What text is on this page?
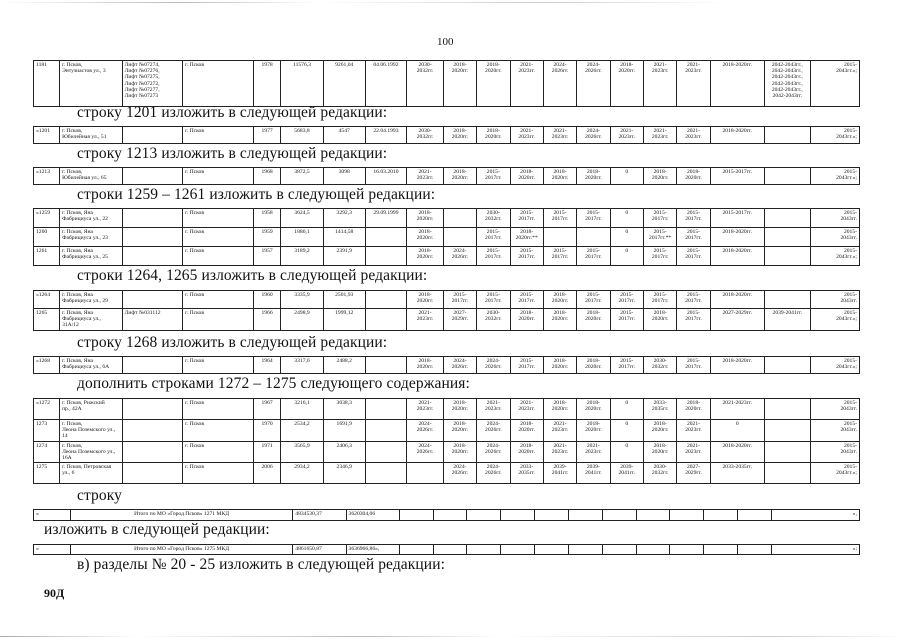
100
1181	г. Псков,
Энтузиастов ул., 3	Лифт №07274,
Лифт №07276,
Лифт №07275,
Лифт №07272,
Лифт №07277,
Лифт №07273	г. Псков	1978	11576,3	9261,04	04.06.1992	2030-
2032гг.	2018-
2020гг.	2018-
2020гг.	2021-
2023гг.	2024-
2026гг.	2024-
2026гг.	2018-
2020гг.	2021-
2023гг.	2021-
2023гг.	2018-2020гг.	2042-2043гг.,
2042-2043гг.,
2042-2043гг.,
2042-2043гг.,
2042-2043гг.,
2042-2043гг.	2015-
2043гг.»;
строку 1201 изложить в следующей редакции:
«1201	г. Псков,
Юбилейная ул., 51		г. Псков	1977	5683,8	4547	22.04.1993	2030-
2032гг.	2018-
2020гг.	2018-
2020гг.	2021-
2023гг.	2021-
2023гг.	2024-
2026гг.	2021-
2023гг.	2021-
2023гг.	2021-
2023гг.	2018-2020гг.		2015-
2043гг.»;
строку 1213 изложить в следующей редакции:
«1213	г. Псков,
Юбилейная ул., 65		г. Псков	1968	3872,5	3098	16.03.2010	2021-
2023гг.	2018-
2020гг.	2015-
2017гг.	2018-
2020гг.	2018-
2020гг.	2018-
2020гг.	0	2018-
2020гг.	2018-
2020гг.	2015-2017гг.		2015-
2043гг.»;
строки 1259 – 1261 изложить в следующей редакции:
«1259	г. Псков, Яна
Фабрициуса ул., 22		г. Псков	1958	3624,5	3292,3	29.09.1999	2018-
2020гг.		2030-
2032гг.	2015-
2017гг.	2015-
2017гг.	2015-
2017гг.	0	2015-
2017гг.	2015-
2017гг.	2015-2017гг.		2015-
2043гг.
1260	г. Псков, Яна
Фабрициуса ул., 23		г. Псков	1959	1886,1	1414,58		2018-
2020гг.		2015-
2017гг.	2018-
2020гг.**			0	2015-
2017гг.**	2015-
2017гг.	2018-2020гг.		2015-
2043гг.
1261	г. Псков, Яна
Фабрициуса ул., 25		г. Псков	1957	3189,2	2391,9		2018-
2020гг.	2024-
2026гг.	2015-
2017гг.	2015-
2017гг.	2015-
2017гг.	2015-
2017гг.	0	2015-
2017гг.	2015-
2017гг.	2018-2020гг.		2015-
2043гг.»;
строки 1264, 1265 изложить в следующей редакции:
«1264	г. Псков, Яна
Фабрициуса ул., 29		г. Псков	1960	3335,9	2501,93		2018-
2020гг.	2015-
2017гг.	2015-
2017гг.	2015-
2017гг.	2018-
2020гг.	2015-
2017гг.	2015-
2017гг.	2015-
2017гг.	2015-
2017гг.	2018-2020гг.		2015-
2043гг.
1265	г. Псков, Яна
Фабрициуса ул.,
31А/12	Лифт №031112	г. Псков	1966	2498,9	1999,12		2021-
2023гг.	2027-
2029гг.	2030-
2032гг.	2018-
2020гг.	2018-
2020гг.	2018-
2020гг.	2015-
2017гг.	2018-
2020гг.	2015-
2017гг.	2027-2029гг.	2039-2041гг.	2015-
2043гг.»;
строку 1268 изложить в следующей редакции:
«1268	г. Псков, Яна
Фабрициуса ул., 6А		г. Псков	1964	3317,6	2488,2		2018-
2020гг.	2024-
2026гг.	2024-
2026гг.	2015-
2017гг.	2018-
2020гг.	2018-
2020гг.	2015-
2017гг.	2030-
2032гг.	2015-
2017гг.	2018-2020гг.		2015-
2043гг.»;
дополнить строками 1272 – 1275 следующего содержания:
«1272	г. Псков, Рижский
пр., 42А		г. Псков	1967	3216,1	3038,3		2021-
2023гг.	2018-
2020гг.	2021-
2023гг.	2021-
2023гг.	2018-
2020гг.	2018-
2020гг.	0	2033-
2035гг.	2018-
2020гг.	2021-2023гг.		2015-
2043гг.
1273	г. Псков,
Леона Поземского ул.,
14		г. Псков	1970	2534,2	1691,9		2024-
2026гг.	2018-
2020гг.	2024-
2026гг.	2018-
2020гг.	2021-
2023гг.	2018-
2020гг.	0	2018-
2020гг.	2021-
2023гг.	0		2015-
2043гг.
1274	г. Псков,
Леона Поземского ул.,
16А		г. Псков	1971	3565,9	2406,3		2024-
2026гг.	2018-
2020гг.	2024-
2026гг.	2018-
2020гг.	2021-
2023гг.	2021-
2023гг.	0	2018-
2020гг.	2021-
2023гг.	2018-2020гг.		2015-
2043гг.
1275	г. Псков, Петровская
ул., 6		г. Псков	2006	2934,2	2346,9			2024-
2026гг.	2024-
2026гг.	2033-
2035гг.	2039-
2041гг.	2039-
2041гг.	2039-
2041гг.	2030-
2032гг.	2027-
2029гг.	2033-2035гг.		2015-
2043гг.»;
строку
«	Итого по МО «Город Псков» 1271 МКД	4834530,37	3620304,06												»,
изложить в следующей редакции:
«	Итого по МО «Город Псков» 1275 МКД	4861650,87	3636966,86»,												»;
в) разделы № 20 - 25 изложить в следующей редакции:
90Д
